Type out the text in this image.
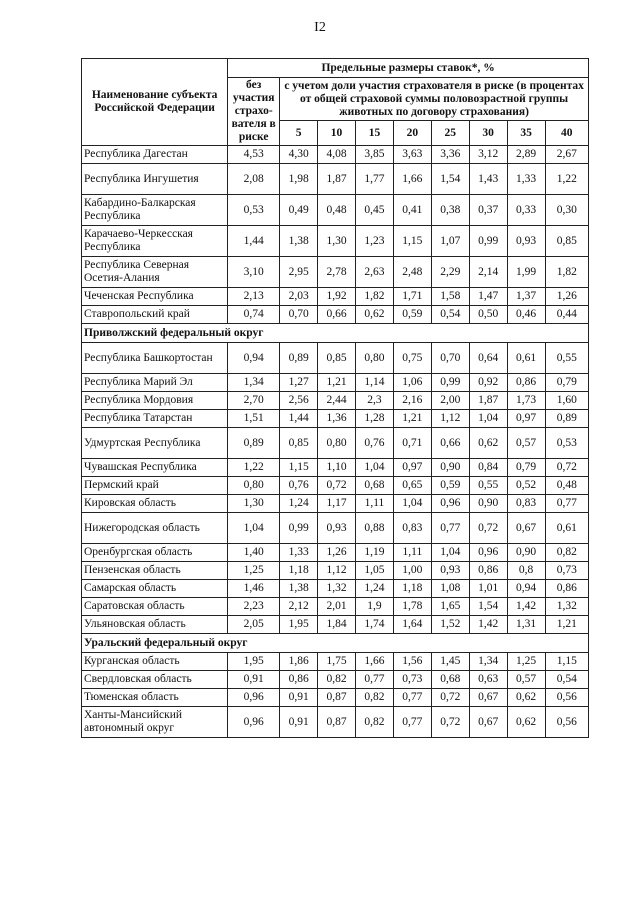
I2
Наименование субъекта Российской Федерации	Предельные размеры ставок*, %								
	без участия страхо-вателя в риске	с учетом доли участия страхователя в риске (в процентах от общей страховой суммы половозрастной группы животных по договору страхования)							
		5	10	15	20	25	30	35	40
Республика Дагестан	4,53	4,30	4,08	3,85	3,63	3,36	3,12	2,89	2,67
Республика Ингушетия	2,08	1,98	1,87	1,77	1,66	1,54	1,43	1,33	1,22
Кабардино-Балкарская Республика	0,53	0,49	0,48	0,45	0,41	0,38	0,37	0,33	0,30
Карачаево-Черкесская Республика	1,44	1,38	1,30	1,23	1,15	1,07	0,99	0,93	0,85
Республика Северная Осетия-Алания	3,10	2,95	2,78	2,63	2,48	2,29	2,14	1,99	1,82
Чеченская Республика	2,13	2,03	1,92	1,82	1,71	1,58	1,47	1,37	1,26
Ставропольский край	0,74	0,70	0,66	0,62	0,59	0,54	0,50	0,46	0,44
Приволжский федеральный округ									
Республика Башкортостан	0,94	0,89	0,85	0,80	0,75	0,70	0,64	0,61	0,55
Республика Марий Эл	1,34	1,27	1,21	1,14	1,06	0,99	0,92	0,86	0,79
Республика Мордовия	2,70	2,56	2,44	2,3	2,16	2,00	1,87	1,73	1,60
Республика Татарстан	1,51	1,44	1,36	1,28	1,21	1,12	1,04	0,97	0,89
Удмуртская Республика	0,89	0,85	0,80	0,76	0,71	0,66	0,62	0,57	0,53
Чувашская Республика	1,22	1,15	1,10	1,04	0,97	0,90	0,84	0,79	0,72
Пермский край	0,80	0,76	0,72	0,68	0,65	0,59	0,55	0,52	0,48
Кировская область	1,30	1,24	1,17	1,11	1,04	0,96	0,90	0,83	0,77
Нижегородская область	1,04	0,99	0,93	0,88	0,83	0,77	0,72	0,67	0,61
Оренбургская область	1,40	1,33	1,26	1,19	1,11	1,04	0,96	0,90	0,82
Пензенская область	1,25	1,18	1,12	1,05	1,00	0,93	0,86	0,8	0,73
Самарская область	1,46	1,38	1,32	1,24	1,18	1,08	1,01	0,94	0,86
Саратовская область	2,23	2,12	2,01	1,9	1,78	1,65	1,54	1,42	1,32
Ульяновская область	2,05	1,95	1,84	1,74	1,64	1,52	1,42	1,31	1,21
Уральский федеральный округ									
Курганская область	1,95	1,86	1,75	1,66	1,56	1,45	1,34	1,25	1,15
Свердловская область	0,91	0,86	0,82	0,77	0,73	0,68	0,63	0,57	0,54
Тюменская область	0,96	0,91	0,87	0,82	0,77	0,72	0,67	0,62	0,56
Ханты-Мансийский автономный округ	0,96	0,91	0,87	0,82	0,77	0,72	0,67	0,62	0,56
